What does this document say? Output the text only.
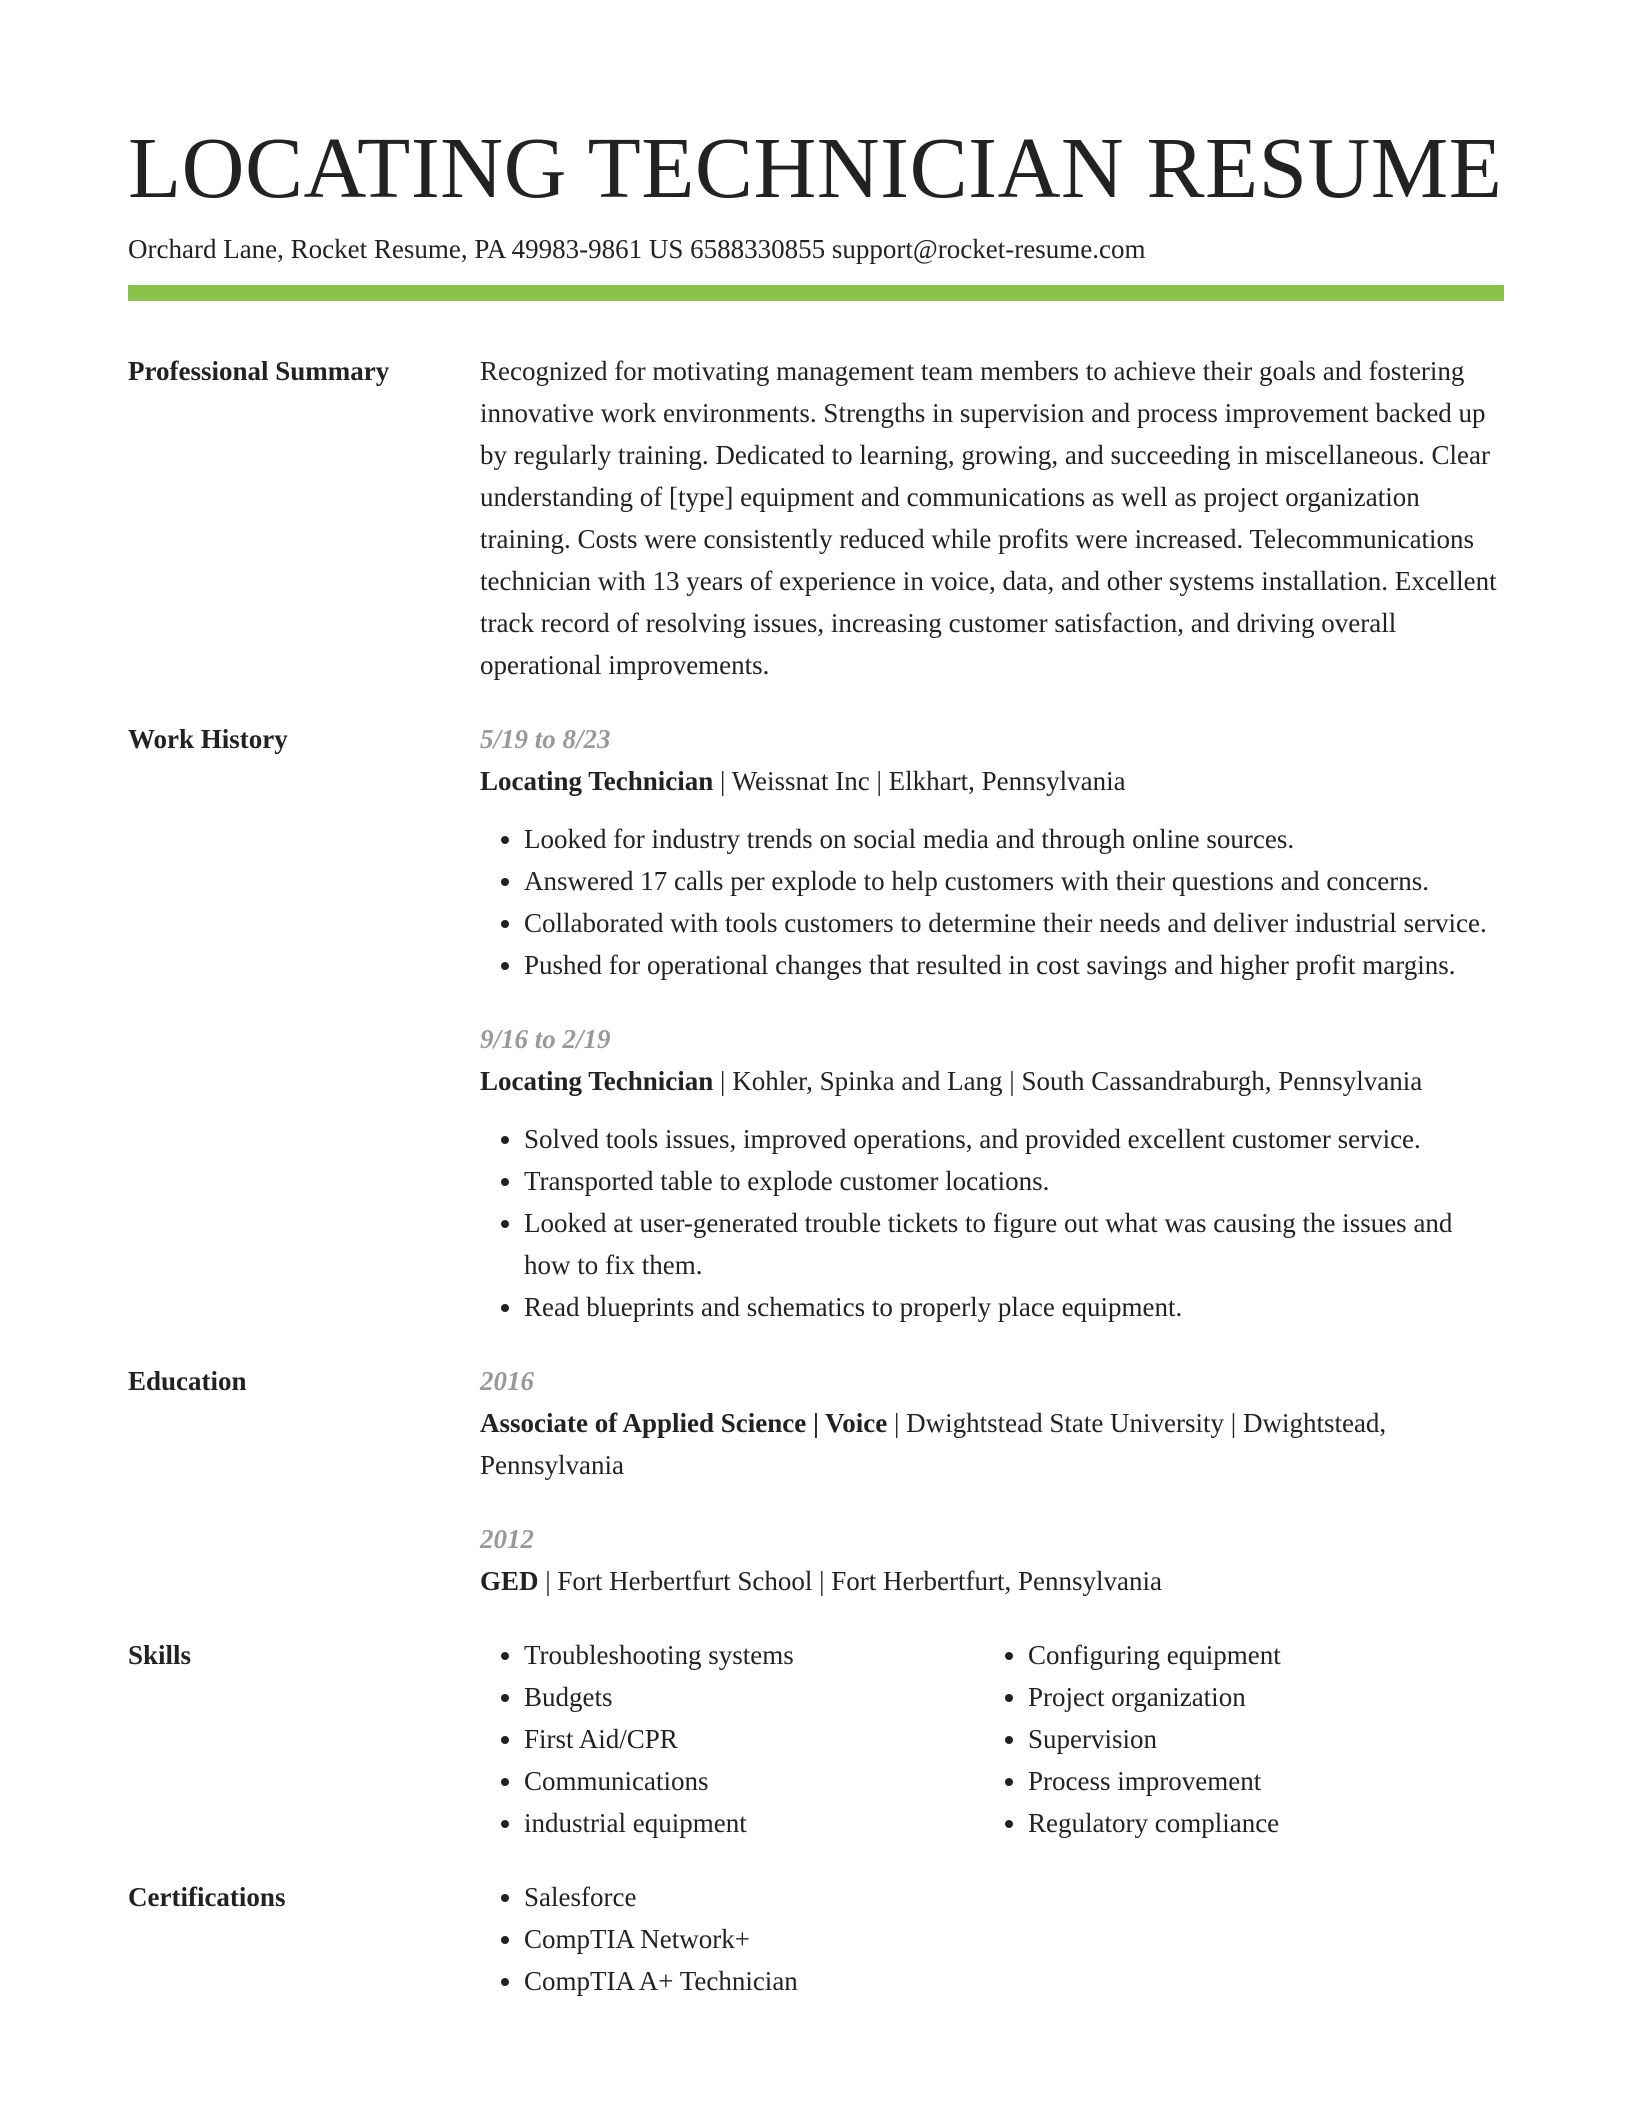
LOCATING TECHNICIAN RESUME
Orchard Lane, Rocket Resume, PA 49983-9861 US 6588330855 support@rocket-resume.com
Professional Summary	Recognized for motivating management team members to achieve their goals and fostering innovative work environments. Strengths in supervision and process improvement backed up by regularly training. Dedicated to learning, growing, and succeeding in miscellaneous. Clear understanding of [type] equipment and communications as well as project organization training. Costs were consistently reduced while profits were increased. Telecommunications technician with 13 years of experience in voice, data, and other systems installation. Excellent track record of resolving issues, increasing customer satisfaction, and driving overall operational improvements.

Work History	5/19 to 8/23
Locating Technician | Weissnat Inc | Elkhart, Pennsylvania
• Looked for industry trends on social media and through online sources.
• Answered 17 calls per explode to help customers with their questions and concerns.
• Collaborated with tools customers to determine their needs and deliver industrial service.
• Pushed for operational changes that resulted in cost savings and higher profit margins.
9/16 to 2/19
Locating Technician | Kohler, Spinka and Lang | South Cassandraburgh, Pennsylvania
• Solved tools issues, improved operations, and provided excellent customer service.
• Transported table to explode customer locations.
• Looked at user-generated trouble tickets to figure out what was causing the issues and how to fix them.
• Read blueprints and schematics to properly place equipment.
Education	2016
Associate of Applied Science | Voice | Dwightstead State University | Dwightstead, Pennsylvania
2012
GED | Fort Herbertfurt School | Fort Herbertfurt, Pennsylvania
Skills	• Troubleshooting systems
• Budgets
• First Aid/CPR
• Communications
• industrial equipment
• Configuring equipment
• Project organization
• Supervision
• Process improvement
• Regulatory compliance
Certifications	• Salesforce
• CompTIA Network+
• CompTIA A+ Technician
